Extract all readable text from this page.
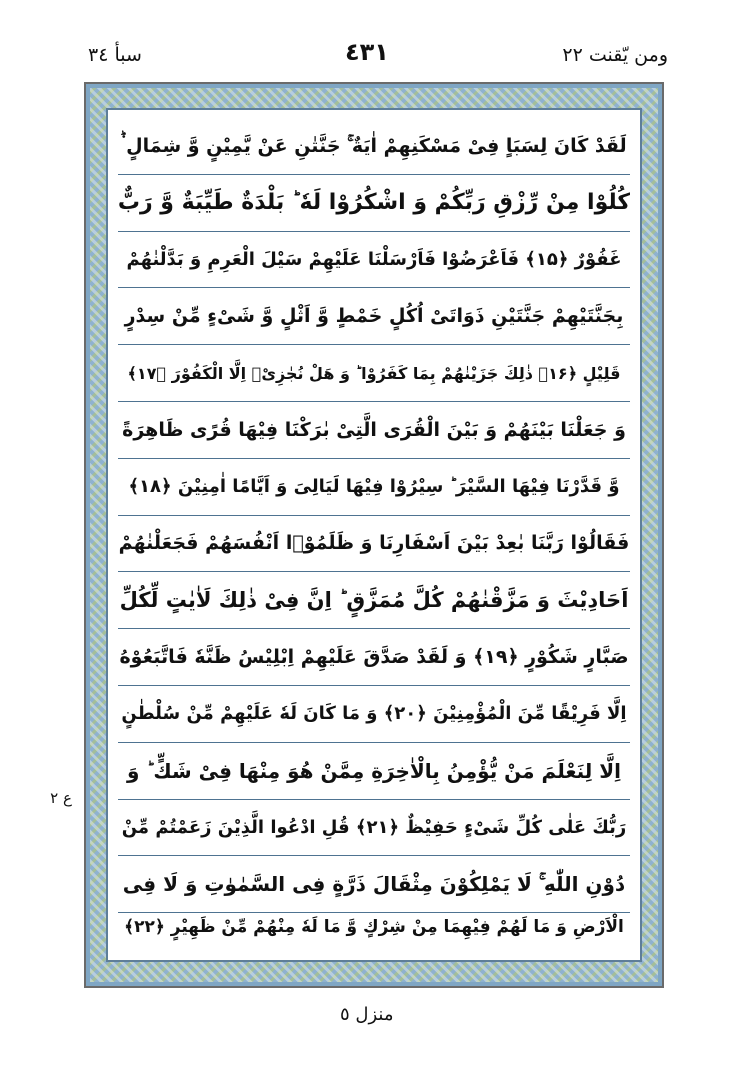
ومن یّقنت ٢٢
٤٣١
سبأ ٣٤
لَقَدْ كَانَ لِسَبَاٍ فِیْ مَسْكَنِهِمْ اٰیَةٌ ۚ جَنَّتٰنِ عَنْ یَّمِیْنٍ وَّ شِمَالٍ ۬ؕ
كُلُوْا مِنْ رِّزْقِ رَبِّكُمْ وَ اشْكُرُوْا لَهٗ ؕ بَلْدَةٌ طَیِّبَةٌ وَّ رَبٌّ
غَفُوْرٌ ﴿۱۵﴾ فَاَعْرَضُوْا فَاَرْسَلْنَا عَلَیْهِمْ سَیْلَ الْعَرِمِ وَ بَدَّلْنٰهُمْ
بِجَنَّتَیْهِمْ جَنَّتَیْنِ ذَوَاتَیْ اُكُلٍ خَمْطٍ وَّ اَثْلٍ وَّ شَیْءٍ مِّنْ سِدْرٍ
قَلِیْلٍ ﴿۱۶﴾ ذٰلِكَ جَزَیْنٰهُمْ بِمَا كَفَرُوْا ؕ وَ هَلْ نُجٰزِیْۤ اِلَّا الْكَفُوْرَ ﴿۱۷﴾
وَ جَعَلْنَا بَیْنَهُمْ وَ بَیْنَ الْقُرَى الَّتِیْ بٰرَكْنَا فِیْهَا قُرًى ظَاهِرَةً
وَّ قَدَّرْنَا فِیْهَا السَّیْرَ ؕ سِیْرُوْا فِیْهَا لَیَالِیَ وَ اَیَّامًا اٰمِنِیْنَ ﴿۱۸﴾
فَقَالُوْا رَبَّنَا بٰعِدْ بَیْنَ اَسْفَارِنَا وَ ظَلَمُوْۤا اَنْفُسَهُمْ فَجَعَلْنٰهُمْ
اَحَادِیْثَ وَ مَزَّقْنٰهُمْ كُلَّ مُمَزَّقٍ ؕ اِنَّ فِیْ ذٰلِكَ لَاٰیٰتٍ لِّكُلِّ
صَبَّارٍ شَكُوْرٍ ﴿۱۹﴾ وَ لَقَدْ صَدَّقَ عَلَیْهِمْ اِبْلِیْسُ ظَنَّهٗ فَاتَّبَعُوْهُ
اِلَّا فَرِیْقًا مِّنَ الْمُؤْمِنِیْنَ ﴿۲۰﴾ وَ مَا كَانَ لَهٗ عَلَیْهِمْ مِّنْ سُلْطٰنٍ
اِلَّا لِنَعْلَمَ مَنْ یُّؤْمِنُ بِالْاٰخِرَةِ مِمَّنْ هُوَ مِنْهَا فِیْ شَكٍّ ؕ وَ
رَبُّكَ عَلٰى كُلِّ شَیْءٍ حَفِیْظٌ ﴿۲۱﴾ قُلِ ادْعُوا الَّذِیْنَ زَعَمْتُمْ مِّنْ
دُوْنِ اللّٰهِ ۚ لَا یَمْلِكُوْنَ مِثْقَالَ ذَرَّةٍ فِی السَّمٰوٰتِ وَ لَا فِی
الْاَرْضِ وَ مَا لَهُمْ فِیْهِمَا مِنْ شِرْكٍ وَّ مَا لَهٗ مِنْهُمْ مِّنْ ظَهِیْرٍ ﴿۲۲﴾
ع ٢
منزل ٥
